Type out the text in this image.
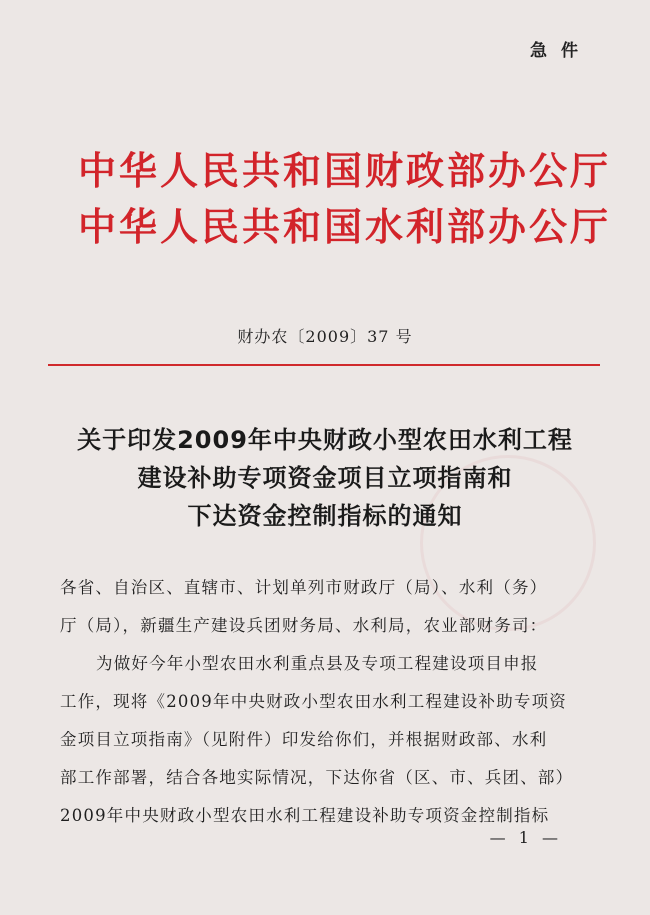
急件
中华人民共和国财政部办公厅
中华人民共和国水利部办公厅
财办农〔2009〕37 号
关于印发2009年中央财政小型农田水利工程
建设补助专项资金项目立项指南和
下达资金控制指标的通知
各省、自治区、直辖市、计划单列市财政厅（局）、水利（务）
厅（局），新疆生产建设兵团财务局、水利局，农业部财务司：
为做好今年小型农田水利重点县及专项工程建设项目申报
工作，现将《2009年中央财政小型农田水利工程建设补助专项资
金项目立项指南》（见附件）印发给你们，并根据财政部、水利
部工作部署，结合各地实际情况，下达你省（区、市、兵团、部）
2009年中央财政小型农田水利工程建设补助专项资金控制指标
— 1 —
